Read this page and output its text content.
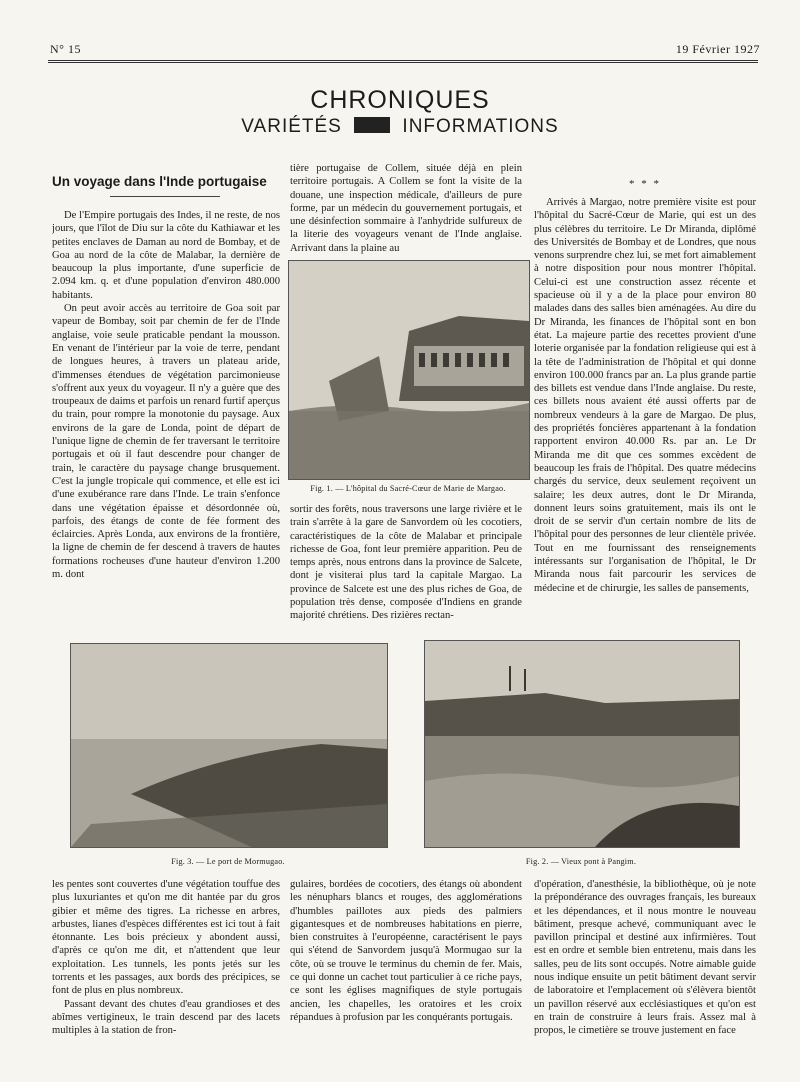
N° 15	19 Février 1927
CHRONIQUES
VARIÉTÉS	INFORMATIONS
Un voyage dans l'Inde portugaise

De l'Empire portugais des Indes, il ne reste, de nos jours, que l'îlot de Diu sur la côte du Kathiawar et les petites enclaves de Daman au nord de Bombay, et de Goa au nord de la côte de Malabar, la dernière de beaucoup la plus importante, d'une superficie de 2.094 km. q. et d'une population d'environ 480.000 habitants.

On peut avoir accès au territoire de Goa soit par vapeur de Bombay, soit par chemin de fer de l'Inde anglaise, voie seule praticable pendant la mousson. En venant de l'intérieur par la voie de terre, pendant de longues heures, à travers un plateau aride, d'immenses étendues de végétation parcimonieuse s'offrent aux yeux du voyageur. Il n'y a guère que des troupeaux de daims et parfois un renard furtif aperçus du train, pour rompre la monotonie du paysage. Aux environs de la gare de Londa, point de départ de l'unique ligne de chemin de fer traversant le territoire portugais et où il faut descendre pour changer de train, le caractère du paysage change brusquement. C'est la jungle tropicale qui commence, et elle est ici d'une exubérance rare dans l'Inde. Le train s'enfonce dans une végétation épaisse et désordonnée où, parfois, des étangs de conte de fée forment des éclaircies. Après Londa, aux environs de la frontière, la ligne de chemin de fer descend à travers de hautes formations rocheuses d'une hauteur d'environ 1.200 m. dont

tière portugaise de Collem, située déjà en plein territoire portugais. A Collem se font la visite de la douane, une inspection médicale, d'ailleurs de pure forme, par un médecin du gouvernement portugais, et une désinfection sommaire à l'anhydride sulfureux de la literie des voyageurs venant de l'Inde anglaise. Arrivant dans la plaine au

Fig. 1. — L'hôpital du Sacré-Cœur de Marie de Margao.

sortir des forêts, nous traversons une large rivière et le train s'arrête à la gare de Sanvordem où les cocotiers, caractéristiques de la côte de Malabar et principale richesse de Goa, font leur première apparition. Peu de temps après, nous entrons dans la province de Salcete, dont je visiterai plus tard la capitale Margao. La province de Salcete est une des plus riches de Goa, de population très dense, composée d'Indiens en grande majorité chrétiens. Des rizières rectan-

* * *

Arrivés à Margao, notre première visite est pour l'hôpital du Sacré-Cœur de Marie, qui est un des plus célèbres du territoire. Le Dr Miranda, diplômé des Universités de Bombay et de Londres, que nous venons surprendre chez lui, se met fort aimablement à notre disposition pour nous montrer l'hôpital. Celui-ci est une construction assez récente et spacieuse où il y a de la place pour environ 80 malades dans des salles bien aménagées. Au dire du Dr Miranda, les finances de l'hôpital sont en bon état. La majeure partie des recettes provient d'une loterie organisée par la fondation religieuse qui est à la tête de l'administration de l'hôpital et qui donne environ 100.000 francs par an. La plus grande partie des billets est vendue dans l'Inde anglaise. Du reste, ces billets nous avaient été aussi offerts par de nombreux vendeurs à la gare de Margao. De plus, des propriétés foncières appartenant à la fondation rapportent environ 40.000 Rs. par an. Le Dr Miranda me dit que ces sommes excèdent de beaucoup les frais de l'hôpital. Des quatre médecins chargés du service, deux seulement reçoivent un salaire; les deux autres, dont le Dr Miranda, donnent leurs soins gratuitement, mais ils ont le droit de se servir d'un certain nombre de lits de l'hôpital pour des personnes de leur clientèle privée. Tout en me fournissant des renseignements intéressants sur l'organisation de l'hôpital, le Dr Miranda nous fait parcourir les services de médecine et de chirurgie, les salles de pansements,

Fig. 3. — Le port de Mormugao.	Fig. 2. — Vieux pont à Pangim.

les pentes sont couvertes d'une végétation touffue des plus luxuriantes et qu'on me dit hantée par du gros gibier et même des tigres. La richesse en arbres, arbustes, lianes d'espèces différentes est ici tout à fait étonnante. Les bois précieux y abondent aussi, d'après ce qu'on me dit, et n'attendent que leur exploitation. Les tunnels, les ponts jetés sur les torrents et les passages, aux bords des précipices, se font de plus en plus nombreux.

Passant devant des chutes d'eau grandioses et des abîmes vertigineux, le train descend par des lacets multiples à la station de fron-

gulaires, bordées de cocotiers, des étangs où abondent les nénuphars blancs et rouges, des agglomérations d'humbles paillotes aux pieds des palmiers gigantesques et de nombreuses habitations en pierre, bien construites à l'européenne, caractérisent le pays qui s'étend de Sanvordem jusqu'à Mormugao sur la côte, où se trouve le terminus du chemin de fer. Mais, ce qui donne un cachet tout particulier à ce riche pays, ce sont les églises magnifiques de style portugais ancien, les chapelles, les oratoires et les croix répandues à profusion par les conquérants portugais.

d'opération, d'anesthésie, la bibliothèque, où je note la prépondérance des ouvrages français, les bureaux et les dépendances, et il nous montre le nouveau bâtiment, presque achevé, communiquant avec le pavillon principal et destiné aux infirmières. Tout est en ordre et semble bien entretenu, mais dans les salles, peu de lits sont occupés. Notre aimable guide nous indique ensuite un petit bâtiment devant servir de laboratoire et l'emplacement où s'élèvera bientôt un pavillon réservé aux ecclésiastiques et qu'on est en train de construire à leurs frais. Assez mal à propos, le cimetière se trouve justement en face
